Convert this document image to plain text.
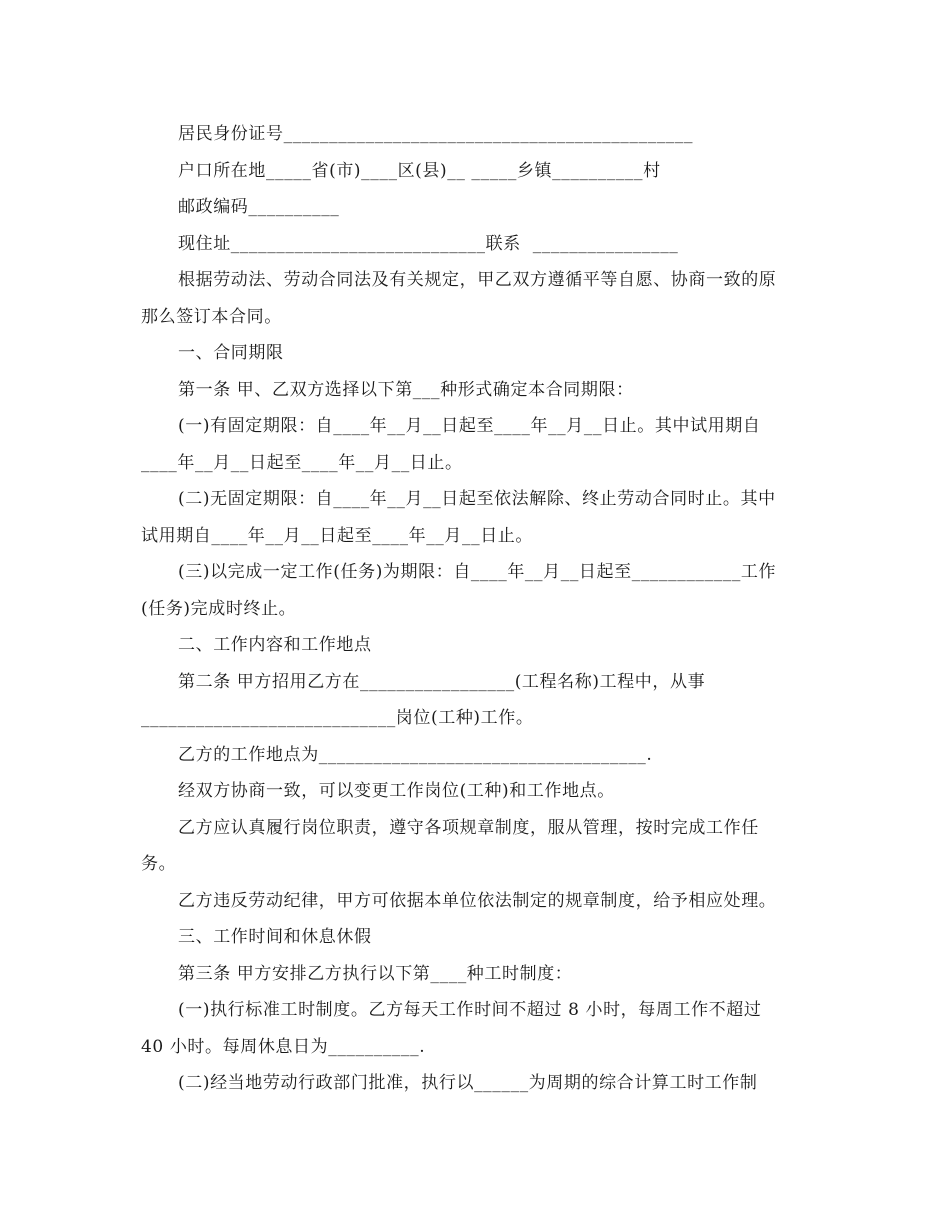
居民身份证号_____________________________________________
户口所在地_____省(市)____区(县)__ _____乡镇__________村
邮政编码__________
现住址____________________________联系  ________________
根据劳动法、劳动合同法及有关规定，甲乙双方遵循平等自愿、协商一致的原
那么签订本合同。
一、合同期限
第一条 甲、乙双方选择以下第___种形式确定本合同期限：
(一)有固定期限：自____年__月__日起至____年__月__日止。其中试用期自
____年__月__日起至____年__月__日止。
(二)无固定期限：自____年__月__日起至依法解除、终止劳动合同时止。其中
试用期自____年__月__日起至____年__月__日止。
(三)以完成一定工作(任务)为期限：自____年__月__日起至____________工作
(任务)完成时终止。
二、工作内容和工作地点
第二条 甲方招用乙方在_________________(工程名称)工程中，从事
____________________________岗位(工种)工作。
乙方的工作地点为____________________________________.
经双方协商一致，可以变更工作岗位(工种)和工作地点。
乙方应认真履行岗位职责，遵守各项规章制度，服从管理，按时完成工作任
务。
乙方违反劳动纪律，甲方可依据本单位依法制定的规章制度，给予相应处理。
三、工作时间和休息休假
第三条 甲方安排乙方执行以下第____种工时制度：
(一)执行标准工时制度。乙方每天工作时间不超过 8 小时，每周工作不超过
40 小时。每周休息日为__________.
(二)经当地劳动行政部门批准，执行以______为周期的综合计算工时工作制
